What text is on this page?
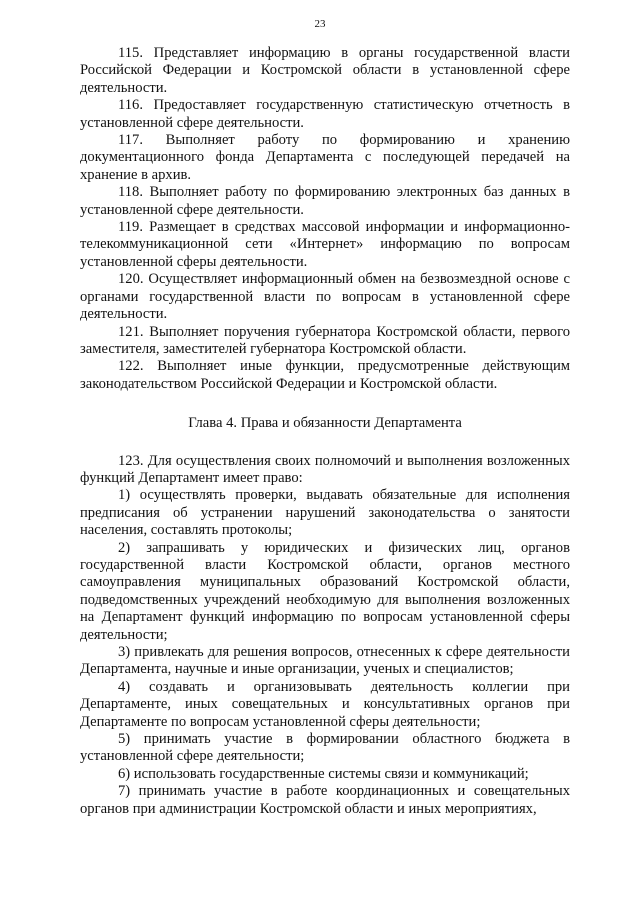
23

115. Представляет информацию в органы государственной власти Российской Федерации и Костромской области в установленной сфере деятельности.

116. Предоставляет государственную статистическую отчетность в установленной сфере деятельности.

117. Выполняет работу по формированию и хранению документационного фонда Департамента с последующей передачей на хранение в архив.

118. Выполняет работу по формированию электронных баз данных в установленной сфере деятельности.

119. Размещает в средствах массовой информации и информационно-телекоммуникационной сети «Интернет» информацию по вопросам установленной сферы деятельности.

120. Осуществляет информационный обмен на безвозмездной основе с органами государственной власти по вопросам в установленной сфере деятельности.

121. Выполняет поручения губернатора Костромской области, первого заместителя, заместителей губернатора Костромской области.

122. Выполняет иные функции, предусмотренные действующим законодательством Российской Федерации и Костромской области.

Глава 4. Права и обязанности Департамента

123. Для осуществления своих полномочий и выполнения возложенных функций Департамент имеет право:

1) осуществлять проверки, выдавать обязательные для исполнения предписания об устранении нарушений законодательства о занятости населения, составлять протоколы;

2) запрашивать у юридических и физических лиц, органов государственной власти Костромской области, органов местного самоуправления муниципальных образований Костромской области, подведомственных учреждений необходимую для выполнения возложенных на Департамент функций информацию по вопросам установленной сферы деятельности;

3) привлекать для решения вопросов, отнесенных к сфере деятельности Департамента, научные и иные организации, ученых и специалистов;

4) создавать и организовывать деятельность коллегии при Департаменте, иных совещательных и консультативных органов при Департаменте по вопросам установленной сферы деятельности;

5) принимать участие в формировании областного бюджета в установленной сфере деятельности;

6) использовать государственные системы связи и коммуникаций;

7) принимать участие в работе координационных и совещательных органов при администрации Костромской области и иных мероприятиях,
